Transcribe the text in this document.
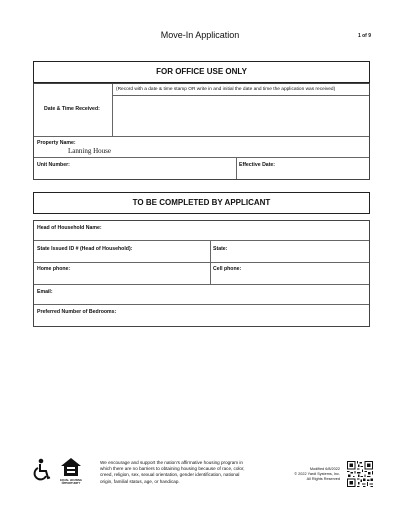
Move-In Application	1 of 9
FOR OFFICE USE ONLY
Date & Time Received:
(Record with a date & time stamp OR write in and initial the date and time the application was received)
Property Name:
Lanning House
Unit Number:	Effective Date:
TO BE COMPLETED BY APPLICANT
Head of Household Name:
State Issued ID # (Head of Household):	State:
Home phone:	Cell phone:
Email:
Preferred Number of Bedrooms:
EQUAL HOUSING OPPORTUNITY
We encourage and support the nation's affirmative housing program in which there are no barriers to obtaining housing because of race, color, creed, religion, sex, sexual orientation, gender identification, national origin, familial status, age, or handicap.
Modified 6/8/2022
© 2022 Yardi Systems, Inc.
All Rights Reserved
